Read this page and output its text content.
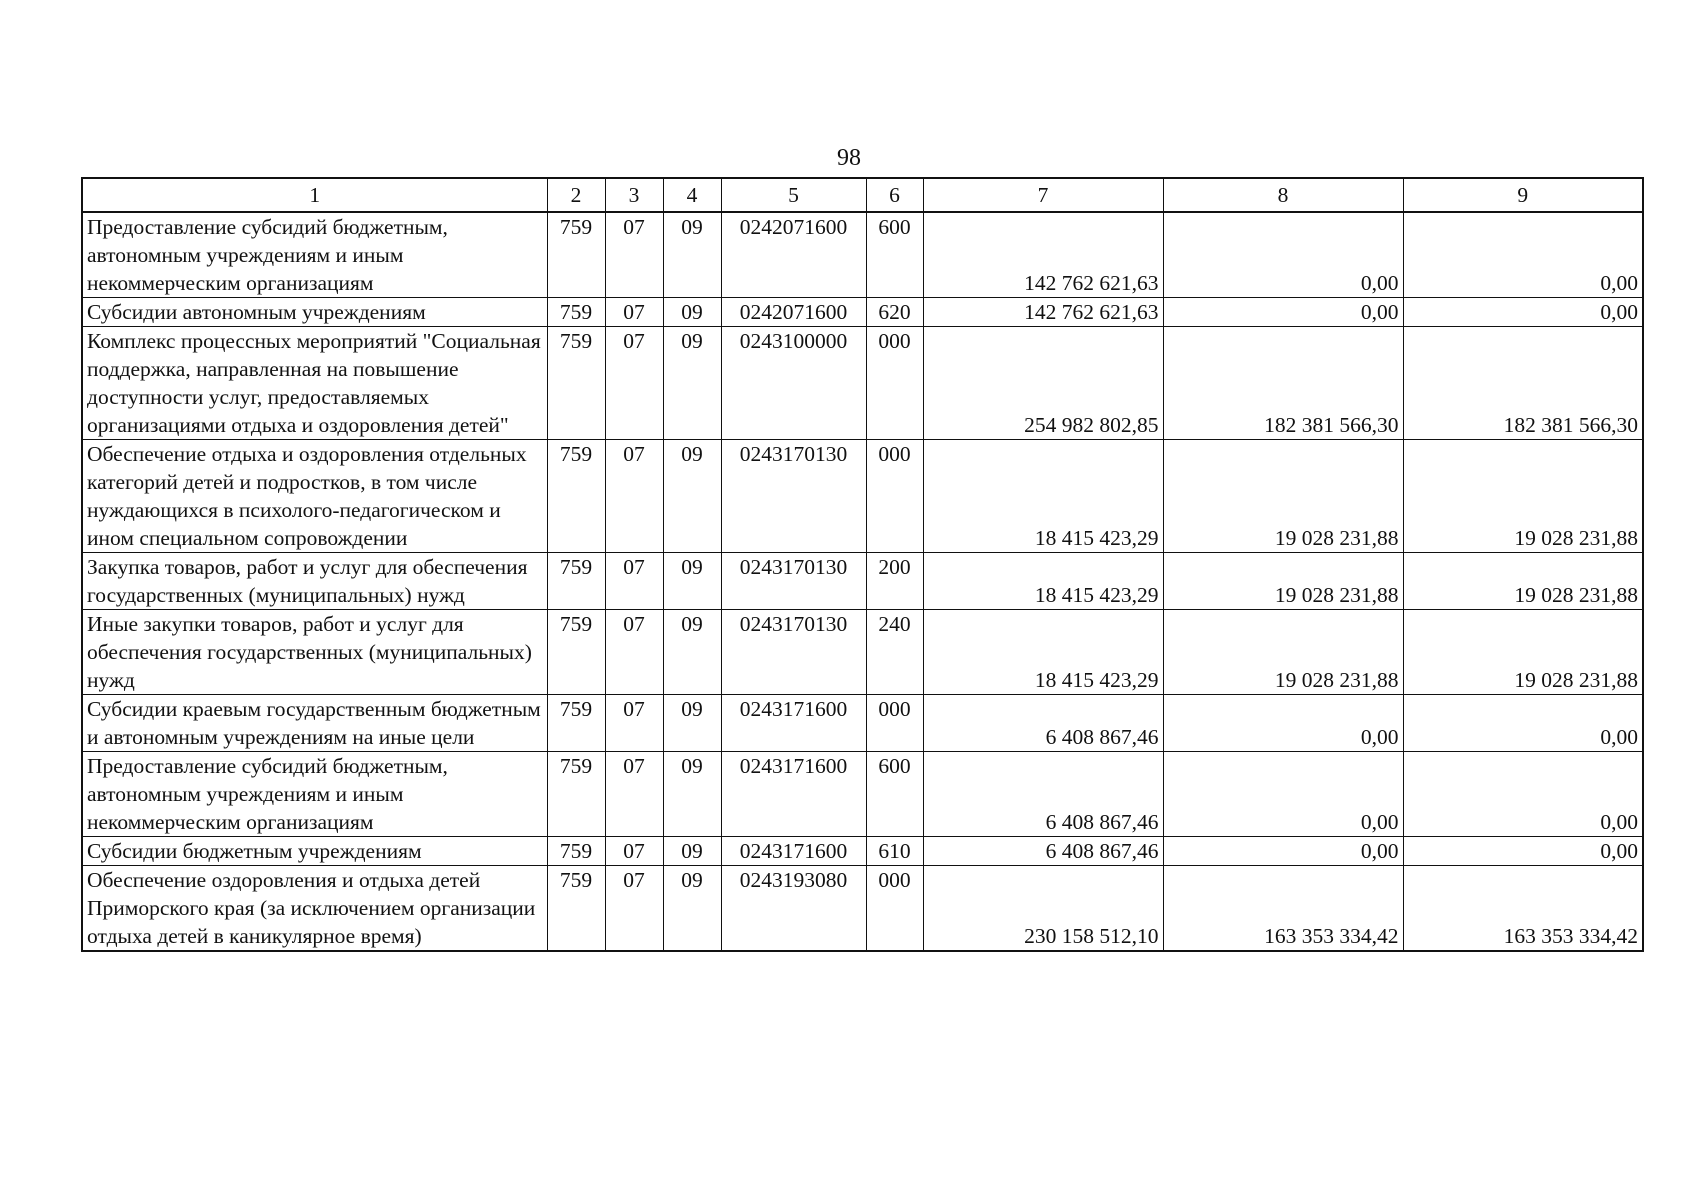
98
1	2	3	4	5	6	7	8	9
Предоставление субсидий бюджетным, автономным учреждениям и иным некоммерческим организациям	759	07	09	0242071600	600	142 762 621,63	0,00	0,00
Субсидии автономным учреждениям	759	07	09	0242071600	620	142 762 621,63	0,00	0,00
Комплекс процессных мероприятий "Социальная поддержка, направленная на повышение доступности услуг, предоставляемых организациями отдыха и оздоровления детей"	759	07	09	0243100000	000	254 982 802,85	182 381 566,30	182 381 566,30
Обеспечение отдыха и оздоровления отдельных категорий детей и подростков, в том числе нуждающихся в психолого-педагогическом и ином специальном сопровождении	759	07	09	0243170130	000	18 415 423,29	19 028 231,88	19 028 231,88
Закупка товаров, работ и услуг для обеспечения государственных (муниципальных) нужд	759	07	09	0243170130	200	18 415 423,29	19 028 231,88	19 028 231,88
Иные закупки товаров, работ и услуг для обеспечения государственных (муниципальных) нужд	759	07	09	0243170130	240	18 415 423,29	19 028 231,88	19 028 231,88
Субсидии краевым государственным бюджетным и автономным учреждениям на иные цели	759	07	09	0243171600	000	6 408 867,46	0,00	0,00
Предоставление субсидий бюджетным, автономным учреждениям и иным некоммерческим организациям	759	07	09	0243171600	600	6 408 867,46	0,00	0,00
Субсидии бюджетным учреждениям	759	07	09	0243171600	610	6 408 867,46	0,00	0,00
Обеспечение оздоровления и отдыха детей Приморского края (за исключением организации отдыха детей в каникулярное время)	759	07	09	0243193080	000	230 158 512,10	163 353 334,42	163 353 334,42
